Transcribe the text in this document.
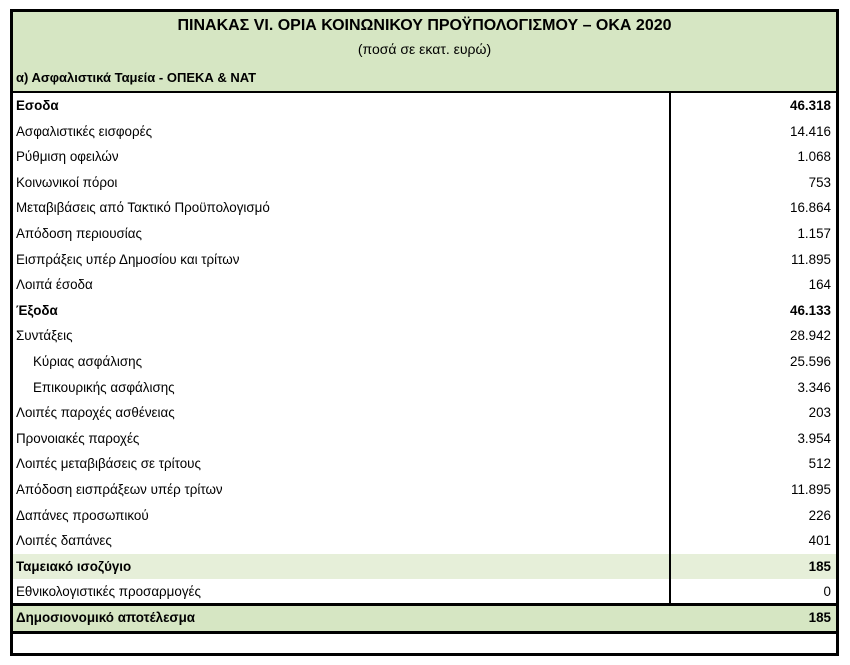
ΠΙΝΑΚΑΣ VI. ΟΡΙΑ ΚΟΙΝΩΝΙΚΟΥ ΠΡΟΫΠΟΛΟΓΙΣΜΟΥ – ΟΚΑ 2020
(ποσά σε εκατ. ευρώ)
α) Ασφαλιστικά Ταμεία - ΟΠΕΚΑ & ΝΑΤ
Εσοδα	46.318
Ασφαλιστικές εισφορές	14.416
Ρύθμιση οφειλών	1.068
Κοινωνικοί πόροι	753
Μεταβιβάσεις από Τακτικό Προϋπολογισμό	16.864
Απόδοση περιουσίας	1.157
Εισπράξεις υπέρ Δημοσίου και τρίτων	11.895
Λοιπά έσοδα	164
Έξοδα	46.133
Συντάξεις	28.942
Κύριας ασφάλισης	25.596
Επικουρικής ασφάλισης	3.346
Λοιπές παροχές ασθένειας	203
Προνοιακές παροχές	3.954
Λοιπές μεταβιβάσεις σε τρίτους	512
Απόδοση εισπράξεων υπέρ τρίτων	11.895
Δαπάνες προσωπικού	226
Λοιπές δαπάνες	401
Ταμειακό ισοζύγιο	185
Εθνικολογιστικές προσαρμογές	0
Δημοσιονομικό αποτέλεσμα	185
